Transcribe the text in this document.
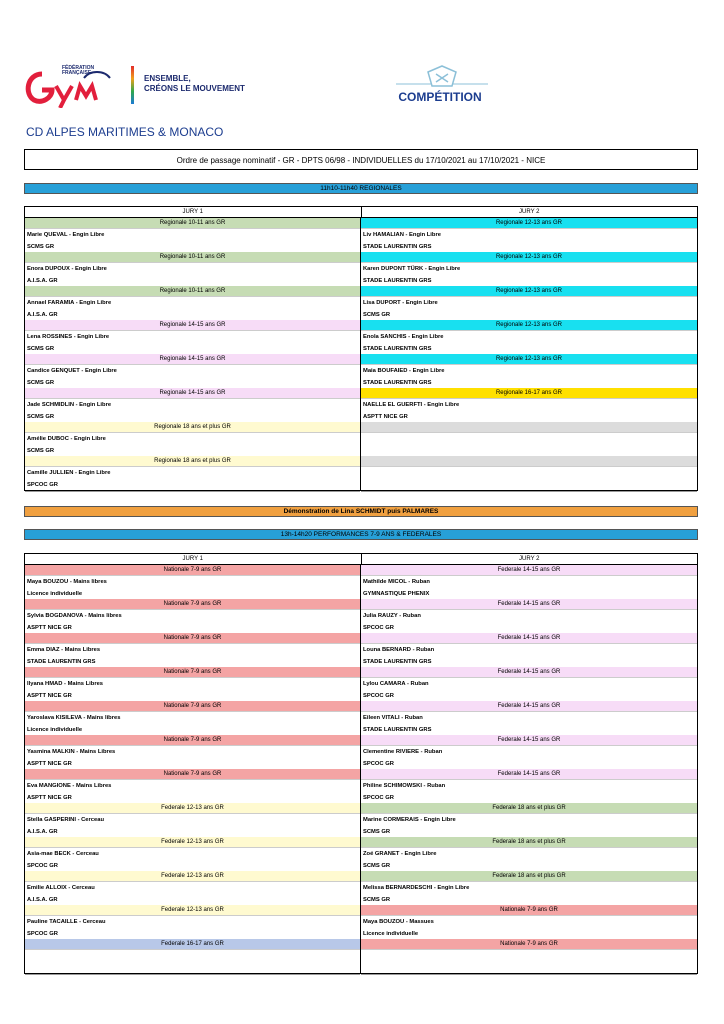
FÉDÉRATION
FRANÇAISE
ENSEMBLE,
CRÉONS LE MOUVEMENT
COMPÉTITION
CD ALPES MARITIMES & MONACO
Ordre de passage nominatif - GR - DPTS 06/98 - INDIVIDUELLES du 17/10/2021 au 17/10/2021 - NICE
11h10-11h40 REGIONALES
JURY 1	JURY 2
Regionale 10-11 ans GR
Marie QUEVAL - Engin Libre
SCMS GR
Regionale 10-11 ans GR
Enora DUPOUX - Engin Libre
A.I.S.A. GR
Regionale 10-11 ans GR
Annael FARAMIA - Engin Libre
A.I.S.A. GR
Regionale 14-15 ans GR
Lena ROSSINES - Engin Libre
SCMS GR
Regionale 14-15 ans GR
Candice GENQUET - Engin Libre
SCMS GR
Regionale 14-15 ans GR
Jade SCHMIDLIN - Engin Libre
SCMS GR
Regionale 18 ans et plus GR
Amélie DUBOC - Engin Libre
SCMS GR
Regionale 18 ans et plus GR
Camille JULLIEN - Engin Libre
SPCOC GR
Regionale 12-13 ans GR
Liv HAMALIAN - Engin Libre
STADE LAURENTIN GRS
Regionale 12-13 ans GR
Karen DUPONT TÜRK - Engin Libre
STADE LAURENTIN GRS
Regionale 12-13 ans GR
Lisa DUPORT - Engin Libre
SCMS GR
Regionale 12-13 ans GR
Enola SANCHIS - Engin Libre
STADE LAURENTIN GRS
Regionale 12-13 ans GR
Maia BOUFAIED - Engin Libre
STADE LAURENTIN GRS
Regionale 16-17 ans GR
NAELLE EL GUERFTI - Engin Libre
ASPTT NICE GR
Démonstration de Lina SCHMIDT puis PALMARES
13h-14h20 PERFORMANCES 7-9 ANS & FEDERALES
JURY 1	JURY 2
Nationale 7-9 ans GR
Maya BOUZOU - Mains libres
Licence individuelle
Nationale 7-9 ans GR
Sylvia BOGDANOVA - Mains libres
ASPTT NICE GR
Nationale 7-9 ans GR
Emma DIAZ - Mains Libres
STADE LAURENTIN GRS
Nationale 7-9 ans GR
Ilyana HMAD - Mains Libres
ASPTT NICE GR
Nationale 7-9 ans GR
Yaroslava KISILEVA - Mains libres
Licence individuelle
Nationale 7-9 ans GR
Yasmina MALKIN - Mains Libres
ASPTT NICE GR
Nationale 7-9 ans GR
Eva MANGIONE - Mains Libres
ASPTT NICE GR
Federale 12-13 ans GR
Stella GASPERINI - Cerceau
A.I.S.A. GR
Federale 12-13 ans GR
Asia-mae BECK - Cerceau
SPCOC GR
Federale 12-13 ans GR
Emilie ALLOIX - Cerceau
A.I.S.A. GR
Federale 12-13 ans GR
Pauline TACAILLE - Cerceau
SPCOC GR
Federale 16-17 ans GR
Federale 14-15 ans GR
Mathilde MICOL - Ruban
GYMNASTIQUE PHENIX
Federale 14-15 ans GR
Julia RAUZY - Ruban
SPCOC GR
Federale 14-15 ans GR
Louna BERNARD - Ruban
STADE LAURENTIN GRS
Federale 14-15 ans GR
Lylou CAMARA - Ruban
SPCOC GR
Federale 14-15 ans GR
Eileen VITALI - Ruban
STADE LAURENTIN GRS
Federale 14-15 ans GR
Clementine RIVIERE - Ruban
SPCOC GR
Federale 14-15 ans GR
Philine SCHIMOWSKI - Ruban
SPCOC GR
Federale 18 ans et plus GR
Marine CORMERAIS - Engin Libre
SCMS GR
Federale 18 ans et plus GR
Zoé GRANET - Engin Libre
SCMS GR
Federale 18 ans et plus GR
Melissa BERNARDESCHI - Engin Libre
SCMS GR
Nationale 7-9 ans GR
Maya BOUZOU - Massues
Licence individuelle
Nationale 7-9 ans GR
